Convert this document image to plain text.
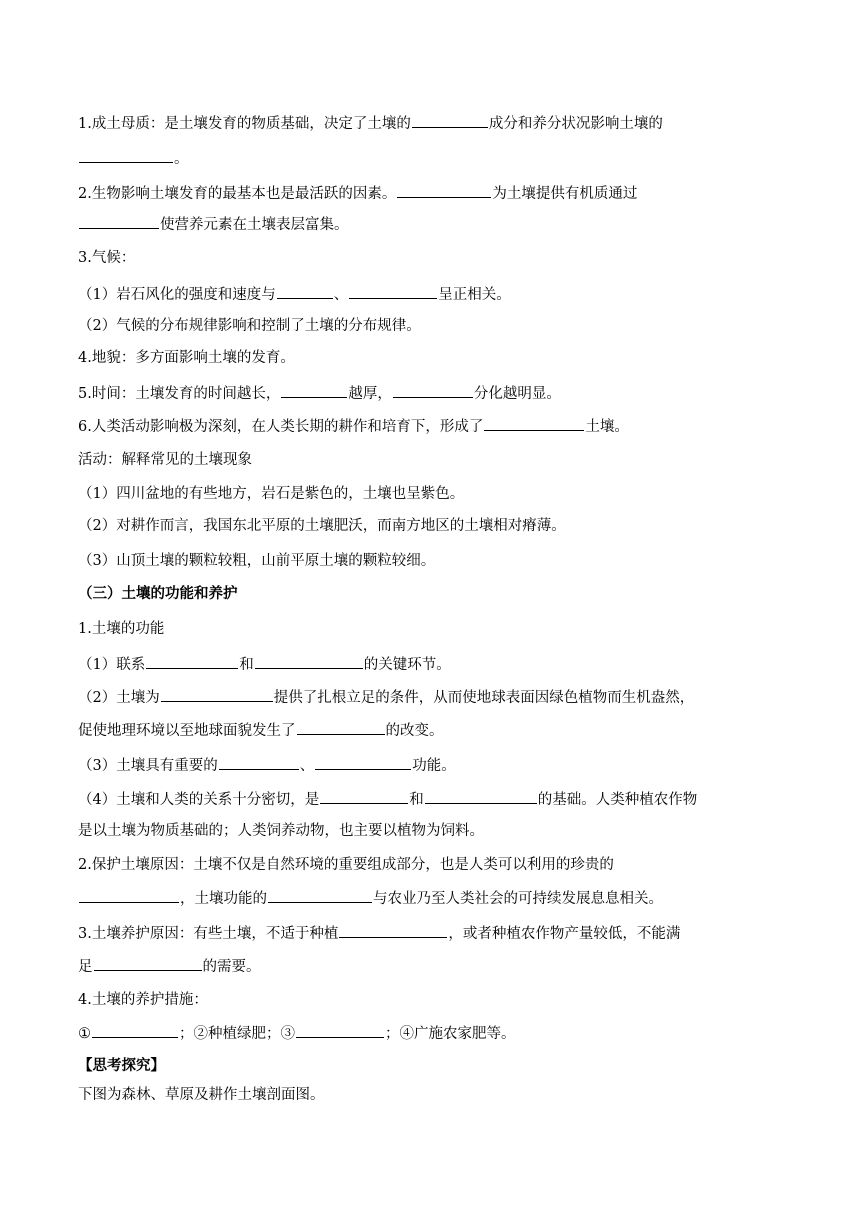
1.成土母质：是土壤发育的物质基础，决定了土壤的	成分和养分状况影响土壤的
。
2.生物影响土壤发育的最基本也是最活跃的因素。	为土壤提供有机质通过
使营养元素在土壤表层富集。
3.气候：
（1）岩石风化的强度和速度与	、	呈正相关。
（2）气候的分布规律影响和控制了土壤的分布规律。
4.地貌：多方面影响土壤的发育。
5.时间：土壤发育的时间越长，	越厚，	分化越明显。
6.人类活动影响极为深刻，在人类长期的耕作和培育下，形成了	土壤。
活动：解释常见的土壤现象
（1）四川盆地的有些地方，岩石是紫色的，土壤也呈紫色。
（2）对耕作而言，我国东北平原的土壤肥沃，而南方地区的土壤相对瘠薄。
（3）山顶土壤的颗粒较粗，山前平原土壤的颗粒较细。
（三）土壤的功能和养护
1.土壤的功能
（1）联系	和	的关键环节。
（2）土壤为	提供了扎根立足的条件，从而使地球表面因绿色植物而生机盎然，
促使地理环境以至地球面貌发生了	的改变。
（3）土壤具有重要的	、	功能。
（4）土壤和人类的关系十分密切，是	和	的基础。人类种植农作物
是以土壤为物质基础的；人类饲养动物，也主要以植物为饲料。
2.保护土壤原因：土壤不仅是自然环境的重要组成部分，也是人类可以利用的珍贵的
，土壤功能的	与农业乃至人类社会的可持续发展息息相关。
3.土壤养护原因：有些土壤，不适于种植	，或者种植农作物产量较低，不能满
足	的需要。
4.土壤的养护措施：
①	；②种植绿肥；③	；④广施农家肥等。
【思考探究】
下图为森林、草原及耕作土壤剖面图。
